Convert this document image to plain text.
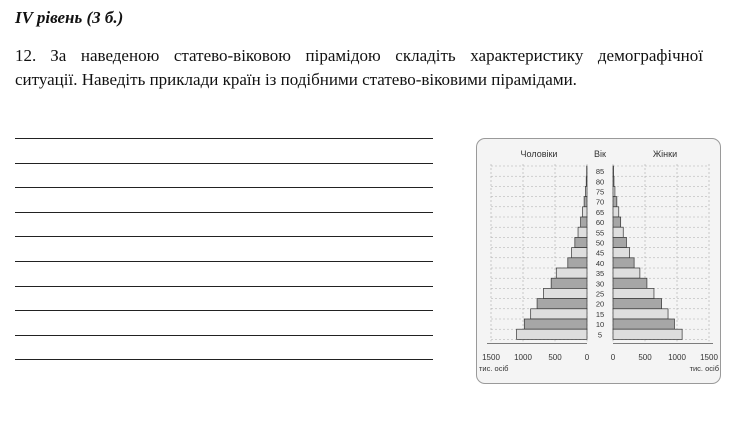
IV рівень (3 б.)

12. За наведеною статево-віковою пірамідою складіть характеристику демографічної ситуації. Наведіть приклади країн із подібними статево-віковими пірамідами.

85
80
75
70
65
60
55
50
45
40
35
30
25
20
15
10
5
1500 1000 500	0	0	500 1000 1500
Чоловіки	Вік	Жінки
тис. осіб	тис. осіб
